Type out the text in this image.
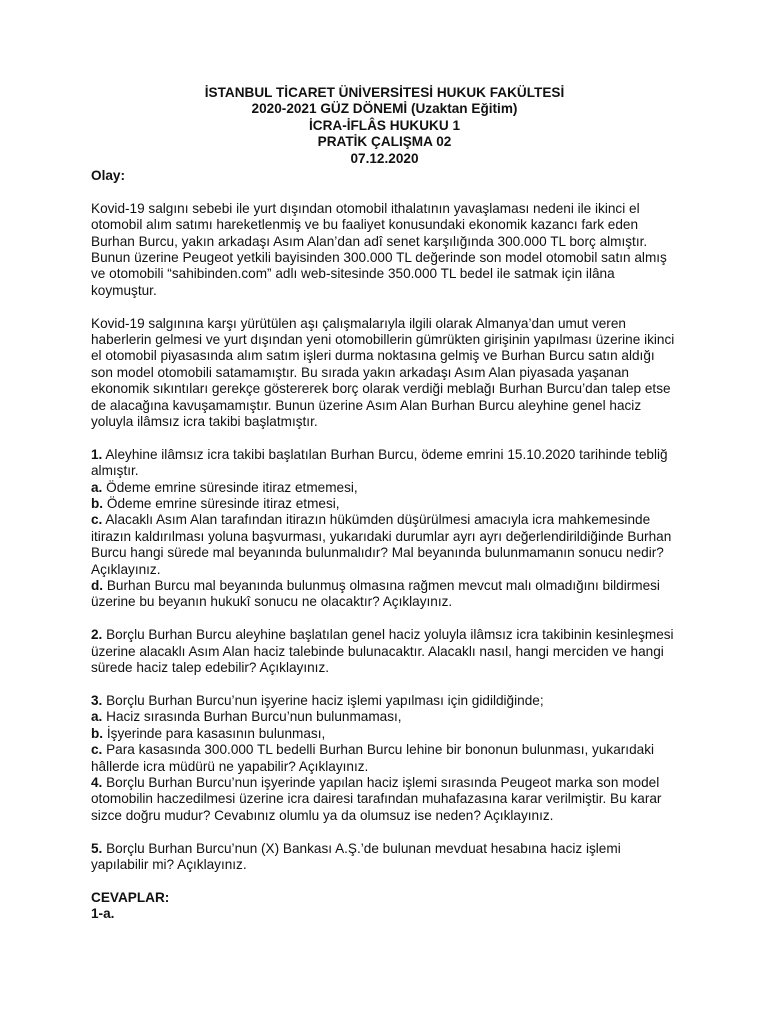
İSTANBUL TİCARET ÜNİVERSİTESİ HUKUK FAKÜLTESİ
2020-2021 GÜZ DÖNEMİ (Uzaktan Eğitim)
İCRA-İFLÂS HUKUKU 1
PRATİK ÇALIŞMA 02
07.12.2020

Olay:

Kovid-19 salgını sebebi ile yurt dışından otomobil ithalatının yavaşlaması nedeni ile ikinci el otomobil alım satımı hareketlenmiş ve bu faaliyet konusundaki ekonomik kazancı fark eden Burhan Burcu, yakın arkadaşı Asım Alan’dan adî senet karşılığında 300.000 TL borç almıştır. Bunun üzerine Peugeot yetkili bayisinden 300.000 TL değerinde son model otomobil satın almış ve otomobili “sahibinden.com” adlı web-sitesinde 350.000 TL bedel ile satmak için ilâna koymuştur.

Kovid-19 salgınına karşı yürütülen aşı çalışmalarıyla ilgili olarak Almanya’dan umut veren haberlerin gelmesi ve yurt dışından yeni otomobillerin gümrükten girişinin yapılması üzerine ikinci el otomobil piyasasında alım satım işleri durma noktasına gelmiş ve Burhan Burcu satın aldığı son model otomobili satamamıştır. Bu sırada yakın arkadaşı Asım Alan piyasada yaşanan ekonomik sıkıntıları gerekçe göstererek borç olarak verdiği meblağı Burhan Burcu’dan talep etse de alacağına kavuşamamıştır. Bunun üzerine Asım Alan Burhan Burcu aleyhine genel haciz yoluyla ilâmsız icra takibi başlatmıştır.

1. Aleyhine ilâmsız icra takibi başlatılan Burhan Burcu, ödeme emrini 15.10.2020 tarihinde tebliğ almıştır.

a. Ödeme emrine süresinde itiraz etmemesi,

b. Ödeme emrine süresinde itiraz etmesi,

c. Alacaklı Asım Alan tarafından itirazın hükümden düşürülmesi amacıyla icra mahkemesinde itirazın kaldırılması yoluna başvurması, yukarıdaki durumlar ayrı ayrı değerlendirildiğinde Burhan Burcu hangi sürede mal beyanında bulunmalıdır? Mal beyanında bulunmamanın sonucu nedir? Açıklayınız.

d. Burhan Burcu mal beyanında bulunmuş olmasına rağmen mevcut malı olmadığını bildirmesi üzerine bu beyanın hukukî sonucu ne olacaktır? Açıklayınız.

2. Borçlu Burhan Burcu aleyhine başlatılan genel haciz yoluyla ilâmsız icra takibinin kesinleşmesi üzerine alacaklı Asım Alan haciz talebinde bulunacaktır. Alacaklı nasıl, hangi merciden ve hangi sürede haciz talep edebilir? Açıklayınız.

3. Borçlu Burhan Burcu’nun işyerine haciz işlemi yapılması için gidildiğinde;

a. Haciz sırasında Burhan Burcu’nun bulunmaması,

b. İşyerinde para kasasının bulunması,

c. Para kasasında 300.000 TL bedelli Burhan Burcu lehine bir bononun bulunması, yukarıdaki hâllerde icra müdürü ne yapabilir? Açıklayınız.

4. Borçlu Burhan Burcu’nun işyerinde yapılan haciz işlemi sırasında Peugeot marka son model otomobilin haczedilmesi üzerine icra dairesi tarafından muhafazasına karar verilmiştir. Bu karar sizce doğru mudur? Cevabınız olumlu ya da olumsuz ise neden? Açıklayınız.

5. Borçlu Burhan Burcu’nun (X) Bankası A.Ş.’de bulunan mevduat hesabına haciz işlemi yapılabilir mi? Açıklayınız.

CEVAPLAR:

1-a.
